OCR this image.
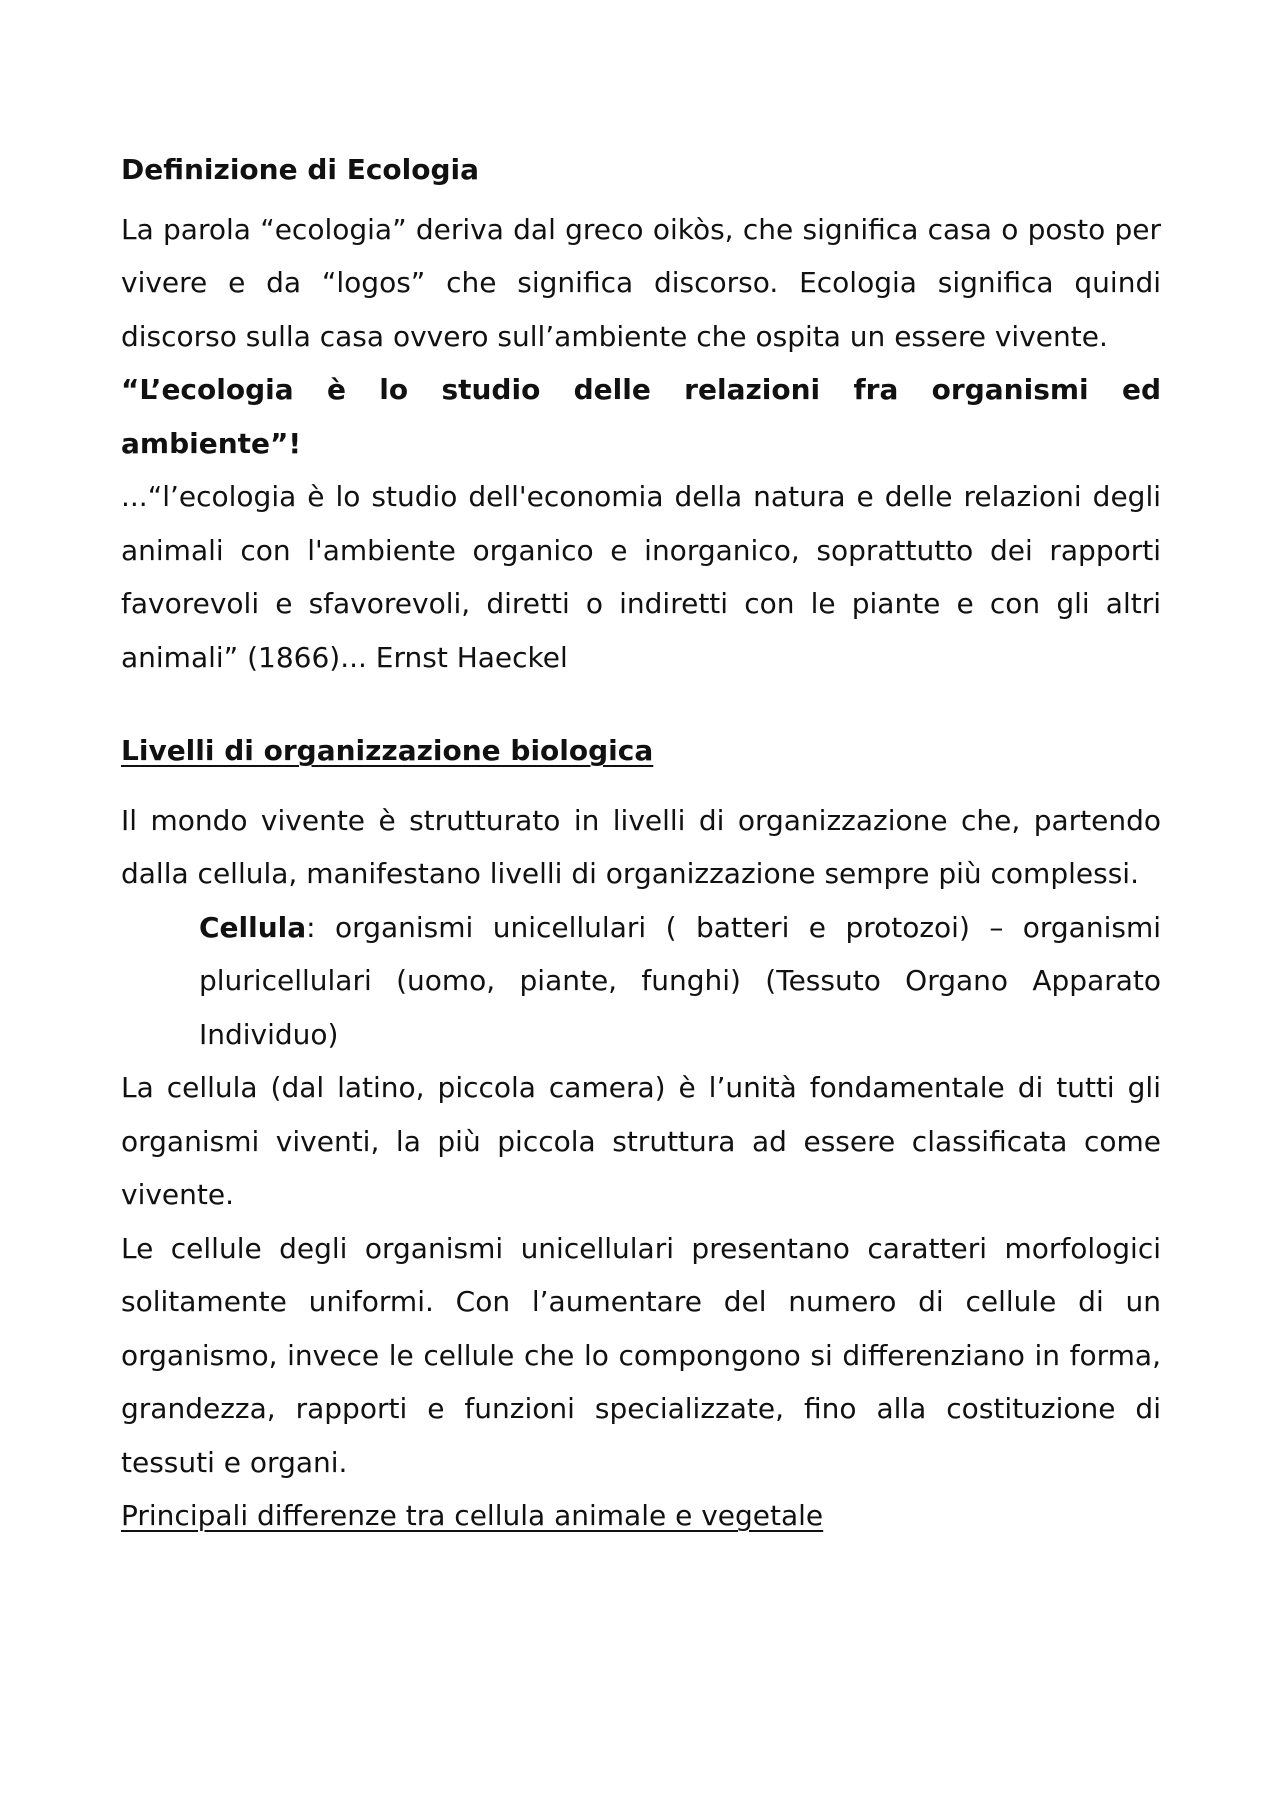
Definizione di Ecologia

La parola “ecologia” deriva dal greco oikòs, che significa casa o posto per vivere e da “logos” che significa discorso. Ecologia significa quindi discorso sulla casa ovvero sull’ambiente che ospita un essere vivente.

“L’ecologia è lo studio delle relazioni fra organismi ed ambiente”!

...“l’ecologia è lo studio dell'economia della natura e delle relazioni degli animali con l'ambiente organico e inorganico, soprattutto dei rapporti favorevoli e sfavorevoli, diretti o indiretti con le piante e con gli altri animali” (1866)... Ernst Haeckel

Livelli di organizzazione biologica

Il mondo vivente è strutturato in livelli di organizzazione che, partendo dalla cellula, manifestano livelli di organizzazione sempre più complessi.

Cellula: organismi unicellulari ( batteri e protozoi) – organismi pluricellulari (uomo, piante, funghi) (Tessuto Organo Apparato Individuo)

La cellula (dal latino, piccola camera) è l’unità fondamentale di tutti gli organismi viventi, la più piccola struttura ad essere classificata come vivente.

Le cellule degli organismi unicellulari presentano caratteri morfologici solitamente uniformi. Con l’aumentare del numero di cellule di un organismo, invece le cellule che lo compongono si differenziano in forma, grandezza, rapporti e funzioni specializzate, fino alla costituzione di tessuti e organi.

Principali differenze tra cellula animale e vegetale
